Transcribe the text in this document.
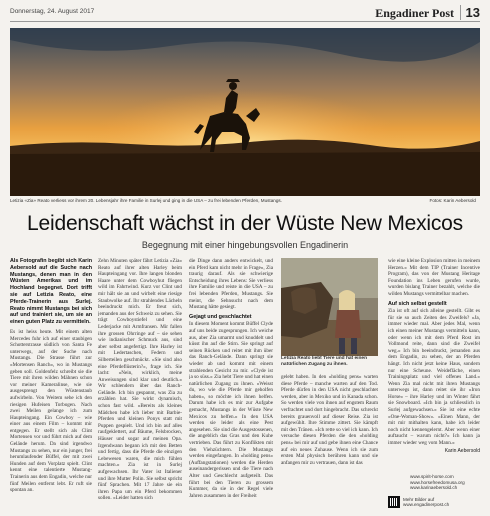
Donnerstag, 24. August 2017	Engadiner Post 13
Letizia «Zia» Reato verliess vor ihrem 20. Lebensjahr ihre Familie in Surlej und ging in die USA – zu frei lebenden Pferden, Mustangs.	Fotos: Karin Aebersold
Leidenschaft wächst in der Wüste New Mexicos
Begegnung mit einer hingebungsvollen Engadinerin

Als Fotografin begibt sich Karin Aebersold auf die Suche nach Mustangs, denen man in den Wüsten Amerikas und im Hochland begegnet. Dort trifft sie auf Letizia Reato, eine Pferde-Trainerin aus Surlej. Reato nimmt Mustangs bei sich auf und trainiert sie, um sie an einen guten Platz zu vermitteln.

Es ist heiss heute. Mit einem alten Mercedes fuhr ich auf einer staubigen Schotterstrasse südlich von Santa Fe unterwegs, auf der Suche nach Mustangs. Die Strasse führt zur «Mortensen Ranch», wo in Mustangs geben soll. Goldenfelz schreibt sie die Tiere mit ihren wilden Mähnen schon vor meiner Kameralinse, wie sie ausgesprengt den Wüstenstaub aufwirbeln. Von Weitem sehe ich den riesigen Hufeisen Torbogen. Nach zwei Meilen gelange ich zum Haupteingang. Ein Cowboy – wie einer aus einem Film – kommt mir entgegen. Er stellt sich als Clint Mortensen vor und führt mich auf dem Gelände herum. Da sind irgendwo Mustangs zu sehen, nur ein junger, frei herumlaufender Büffel, der mit zwei Hunden auf dem Vorplatz spielt. Clint kennt eine talentierte Mustang-Trainerin aus dem Engadin, welche nur fünf Meilen entfernt lebt. Er ruft sie spontan an.

Zehn Minuten später fährt Letizia «Zia» Reato auf ihrer alten Harley beim Haupteingang vor. Ihre langen blonden Haare unter dem Cowboyhut fliegen wild im Fahrtwind. Kurz vor Clint und mir hält sie an und wirbelt eine riesige Staubwolke auf. Ihr strahlendes Lächeln beeindruckt mich. Er freut sich, jemanden aus der Schweiz zu sehen. Sie trägt Cowboystiefel und eine Lederjacke mit Armfransen. Mir fallen ihre grossen Ohrringe auf – sie sehen wie indianischer Schmuck aus, sind aber selbst angefertigt. Ihre Harley ist mit Ledertaschen, Federn und Silberteilen geschmückt. «Sie sind also eine Pferdeflüsterin?», frage ich. Sie lacht: «Nein, wirklich, meine Anweisungen sind klar und deutlich.» Wir schlendern über das Ranch-Gelände. Ich bin gespannt, was Zia zu erzählen hat. Sie wirkt dynamisch, schon fast wild. «Bereits als kleines Mädchen habe ich lieber mit Barbie-Pferden und kleinen Ponys statt mit Puppen gespielt. Und ich bin auf alles raufgeklettert, auf Bäume, Felsbrocken, Häuser und sogar auf meinen Opa. Irgendwann begann ich mit den Betten und fertig, dass die Pferde die einzigen Lebewesen waren, die mich fühlen machten.» Zia ist in Surlej aufgewachsen. Ihr Vater ist Italiener und ihre Mutter Polin. Sie selbst spricht fünf Sprachen. Mit 17 Jahre sie ein ihren Papa um ein Pferd bekommen sollen. «Leider hatten sich

die Dinge dann anders entwickelt, und ein Pferd kam nicht mehr in Frage», Zia traurig darauf. Als sie schwierige Entscheidung ihres Lebens: Sie verliess ihre Familie und reiste in die USA – zu frei lebenden Pferden, Mustangs. Sie meint, die Sehnsucht nach dem Mustang hätte gesiegt.

Gejagt und geschlachtet

In diesem Moment kommt Büffel Clyde auf uns beide zugesprungen. Ich weiche aus, aber Zia umarmt und knuddelt und küsst ihn auf die Stirn. Sie springt auf seinen Rücken und reitet mit ihm über das Ranch-Gelände. Dann springt sie wieder ab und kommt mit einem strahlenden Gesicht zu mir. «Clyde ist ja so süss.» Zia hebt Tiere und hat einen natürlichen Zugang zu ihnen. «Weisst du, wo wie die Pferde mir geholfen haben», so möchte ich ihnen helfen. Darum habe ich es mir zur Aufgabe gemacht, Mustangs in der Wüste New Mexicos zu helfen.» In den USA werden sie leider als eine Pest angesehen. Sie sind die Ausgestossenen, die angeblich das Gras und den Kuhe vertrieben. Das führt zu Konflikten mit den Viehzüchtern. Die Mustangs werden eingefangen. In «holding pens» (Auffangstationen) werden die Herden auseinandergerissen und die Tiere nach Alter und Geschlecht aufgeteilt. Das führt bei den Tieren zu grossem Kummer, da sie in der Regel viele Jahren zusammen in der Freiheit

Letizia Reato liebt Tiere und hat einen natürlichen Zugang zu ihnen.

gelebt haben. In den «holding pens» warten diese Pferde – manche warten auf den Tod. Pferde dürfen in den USA nicht geschlachtet werden, aber in Mexiko und in Kanada schon. So werden viele von ihnen auf engstem Raum verfrachtet und dort hingebracht. Das schreckt bereits grauenvoll auf dieser Reise. Zia ist aufgewühlt. Ihre Stimme zittert. Sie kämpft mit den Tränen. «Ich rette so viel ich kann. Ich versuche diesen Pferden die den «holding pens» bei mir auf und gebe ihnen eine Chance auf ein neues Zuhause. Wenn ich sie zum ersten Mal physisch berühren kann und sie anfangen mir zu vertrauen, dann ist das

wie eine kleine Explosion mitten in meinem Herzen.» Mit dem TIP (Trainer Incentive Program), das von der Mustang Heritage Foundation ins Leben gerufen wurde, wurden bislang Trainer bezahlt, welche die wilden Mustangs vermittelbar machen.

Auf sich selbst gestellt

Zia ist oft auf sich alleine gestellt. Gibt es für sie so auch Zeiten des Zweifels? «Ja, immer wieder mal. Aber jedes Mal, wenn ich einen meiner Mustangs vermitteln kann, oder wenn ich mit dem Pferd Rost im Vollmond reite, dann sind die Zweifel weg.» Ich bin beeindruckt, jemanden aus dem Engadin, zu sehen, der an Pferden hängt. Ich nicht jetzt keine Haus, sondern nur eine Scheune. Weidefläche, einen Trainingsplatz und viel offenes Land.» Wenn Zia mal nicht mit ihren Mustangs unterwegs ist, dann reitet sie ihr «Iron Horse» – ihre Harley und im Winter fährt sie Snowboard. «Ich bin ja schliesslich in Surlej aufgewachsen.» Sie ist eine echte «One-Woman-Show». «Einen Mann, der mit mir mithalten kann, habe ich leider noch nicht kennengelernt. Aber wenn einer auftaucht – warum nicht?» Ich kann ja immer wieder weg vom Mann.»

Karin Aebersold

www.spirit-horse.com
www.horsefreedomusa.org
www.karinaebersold.ch
Mehr Bilder auf
www.engadinerpost.ch
